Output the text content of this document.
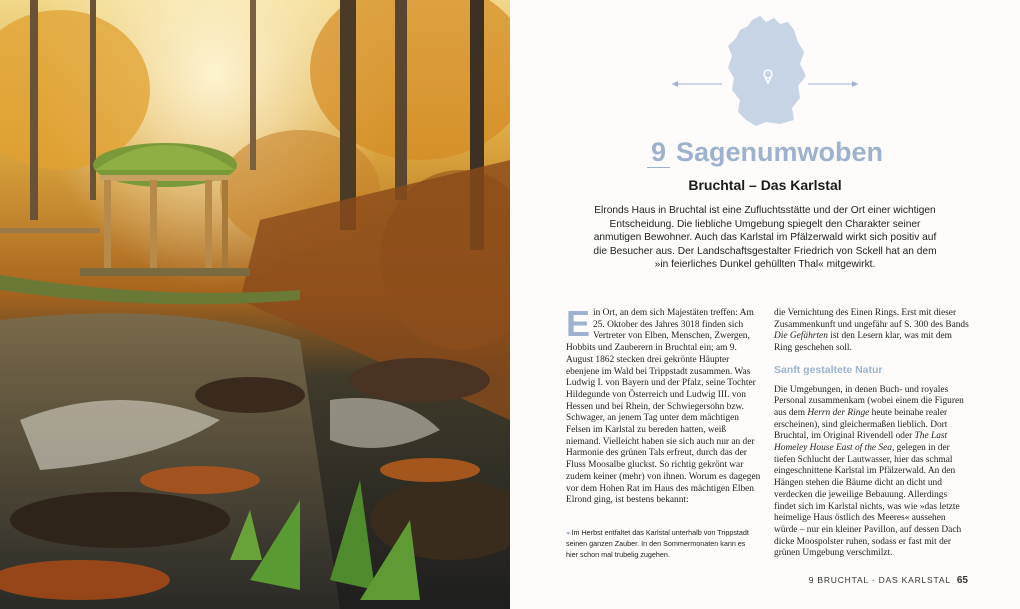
9 Sagenumwoben
Bruchtal – Das Karlstal
Elronds Haus in Bruchtal ist eine Zufluchtsstätte und der Ort einer wichtigen Entscheidung. Die liebliche Umgebung spiegelt den Charakter seiner anmutigen Bewohner. Auch das Karlstal im Pfälzerwald wirkt sich positiv auf die Besucher aus. Der Landschaftsgestalter Friedrich von Sckell hat an dem »in feierliches Dunkel gehüllten Thal« mitgewirkt.
Ein Ort, an dem sich Majestäten treffen: Am 25. Oktober des Jahres 3018 finden sich Vertreter von Elben, Menschen, Zwergen, Hobbits und Zauberern in Bruchtal ein; am 9. August 1862 stecken drei gekrönte Häupter ebenjene im Wald bei Trippstadt zusammen. Was Ludwig I. von Bayern und der Pfalz, seine Tochter Hildegunde von Österreich und Ludwig III. von Hessen und bei Rhein, der Schwiegersohn bzw. Schwager, an jenem Tag unter dem mächtigen Felsen im Karlstal zu bereden hatten, weiß niemand. Vielleicht haben sie sich auch nur an der Harmonie des grünen Tals erfreut, durch das der Fluss Moosalbe gluckst. So richtig gekrönt war zudem keiner (mehr) von ihnen. Worum es dagegen vor dem Hohen Rat im Haus des mächtigen Elben Elrond ging, ist bestens bekannt:

die Vernichtung des Einen Rings. Erst mit dieser Zusammenkunft und ungefähr auf S. 300 des Bands Die Gefährten ist den Lesern klar, was mit dem Ring geschehen soll.

Sanft gestaltete Natur

Die Umgebungen, in denen Buch- und royales Personal zusammenkam (wobei einem die Figuren aus dem Herrn der Ringe heute beinahe realer erscheinen), sind gleichermaßen lieblich. Dort Bruchtal, im Original Rivendell oder The Last Homeley House East of the Sea, gelegen in der tiefen Schlucht der Lautwasser, hier das schmal eingeschnittene Karlstal im Pfälzerwald. An den Hängen stehen die Bäume dicht an dicht und verdecken die jeweilige Bebauung. Allerdings findet sich im Karlstal nichts, was wie »das letzte heimelige Haus östlich des Meeres« aussehen würde – nur ein kleiner Pavillon, auf dessen Dach dicke Moospolster ruhen, sodass er fast mit der grünen Umgebung verschmilzt.

◂ Im Herbst entfaltet das Karlstal unterhalb von Trippstadt seinen ganzen Zauber. In den Sommermonaten kann es hier schon mal trubelig zugehen.
9 BRUCHTAL · DAS KARLSTAL 65
